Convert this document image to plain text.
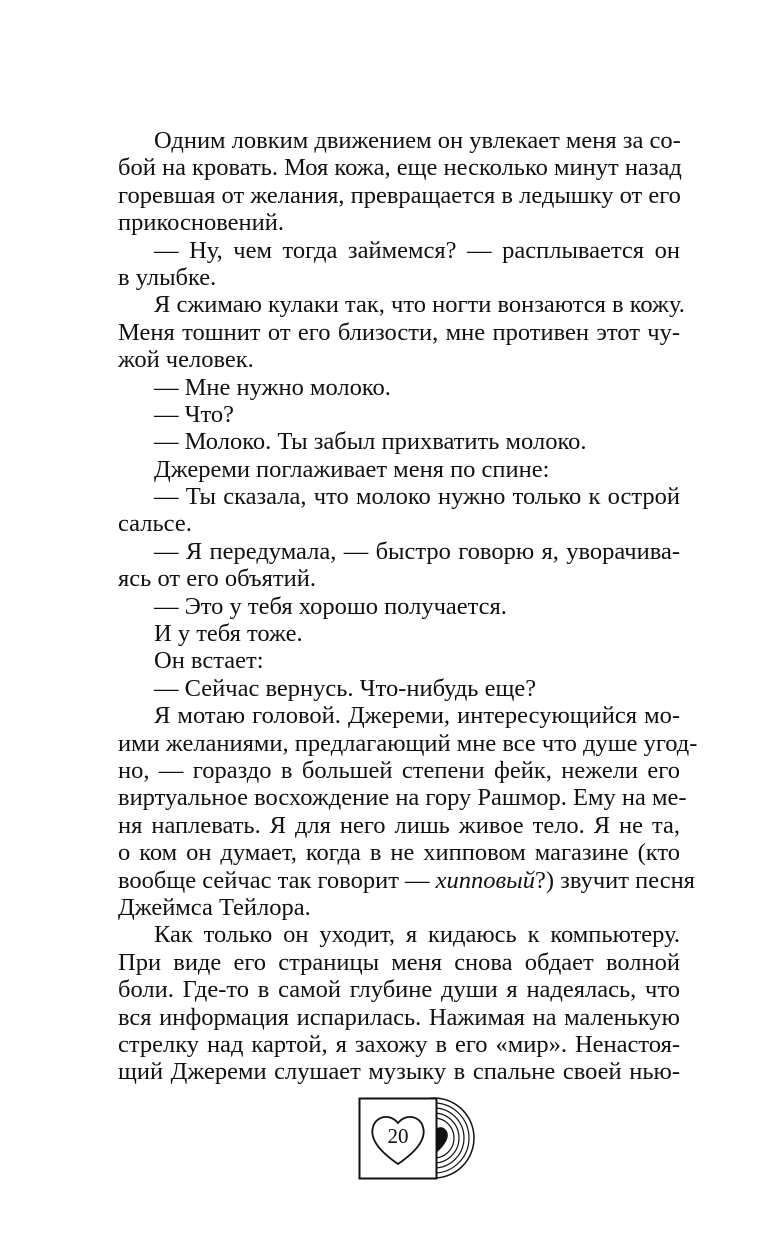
Одним ловким движением он увлекает меня за со-
бой на кровать. Моя кожа, еще несколько минут назад
горевшая от желания, превращается в ледышку от его
прикосновений.
— Ну, чем тогда займемся? — расплывается он
в улыбке.
Я сжимаю кулаки так, что ногти вонзаются в кожу.
Меня тошнит от его близости, мне противен этот чу-
жой человек.
— Мне нужно молоко.
— Что?
— Молоко. Ты забыл прихватить молоко.
Джереми поглаживает меня по спине:
— Ты сказала, что молоко нужно только к острой
сальсе.
— Я передумала, — быстро говорю я, уворачива-
ясь от его объятий.
— Это у тебя хорошо получается.
И у тебя тоже.
Он встает:
— Сейчас вернусь. Что-нибудь еще?
Я мотаю головой. Джереми, интересующийся мо-
ими желаниями, предлагающий мне все что душе угод-
но, — гораздо в большей степени фейк, нежели его
виртуальное восхождение на гору Рашмор. Ему на ме-
ня наплевать. Я для него лишь живое тело. Я не та,
о ком он думает, когда в не хипповом магазине (кто
вообще сейчас так говорит — хипповый?) звучит песня
Джеймса Тейлора.
Как только он уходит, я кидаюсь к компьютеру.
При виде его страницы меня снова обдает волной
боли. Где-то в самой глубине души я надеялась, что
вся информация испарилась. Нажимая на маленькую
стрелку над картой, я захожу в его «мир». Ненастоя-
щий Джереми слушает музыку в спальне своей нью-
20
